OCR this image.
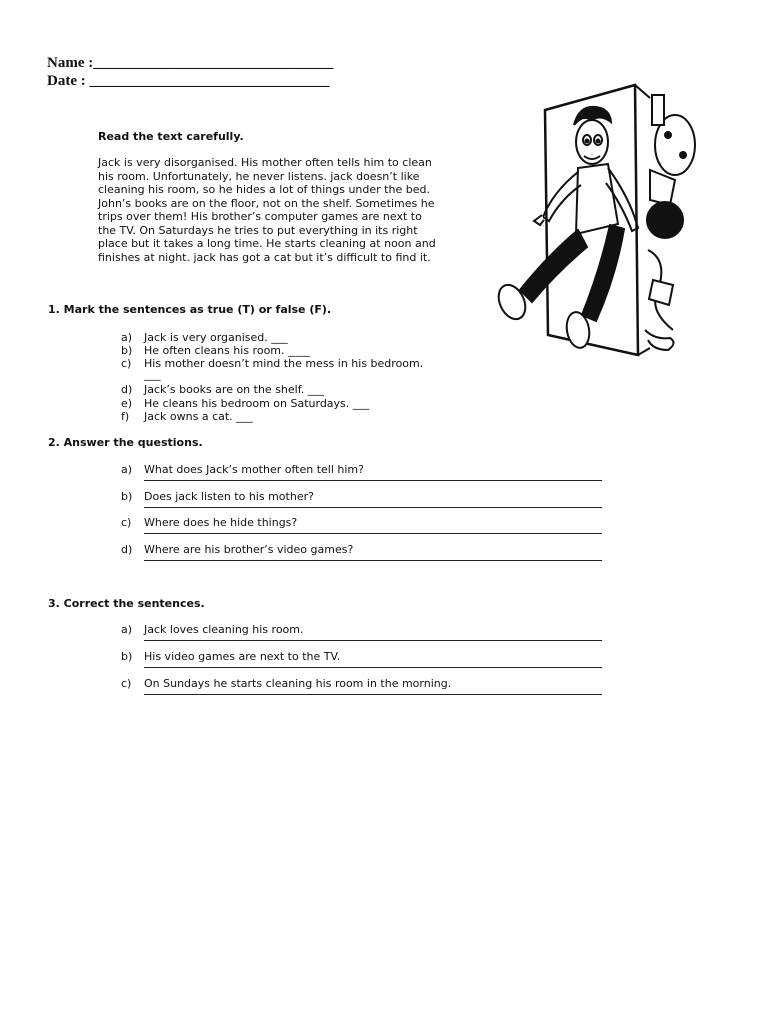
Name :________________________________
Date : ________________________________
Read the text carefully.
Jack is very disorganised. His mother often tells him to clean
his room. Unfortunately, he never listens. jack doesn’t like
cleaning his room, so he hides a lot of things under the bed.
John’s books are on the floor, not on the shelf. Sometimes he
trips over them! His brother’s computer games are next to
the TV. On Saturdays he tries to put everything in its right
place but it takes a long time. He starts cleaning at noon and
finishes at night. jack has got a cat but it’s difficult to find it.
1. Mark the sentences as true (T) or false (F).
a) Jack is very organised. ___
b) He often cleans his room. ____
c) His mother doesn’t mind the mess in his bedroom.
___
d) Jack’s books are on the shelf. ___
e) He cleans his bedroom on Saturdays. ___
f) Jack owns a cat. ___
2. Answer the questions.
a) What does Jack’s mother often tell him?
b) Does jack listen to his mother?
c) Where does he hide things?
d) Where are his brother’s video games?
3. Correct the sentences.
a) Jack loves cleaning his room.
b) His video games are next to the TV.
c) On Sundays he starts cleaning his room in the morning.
